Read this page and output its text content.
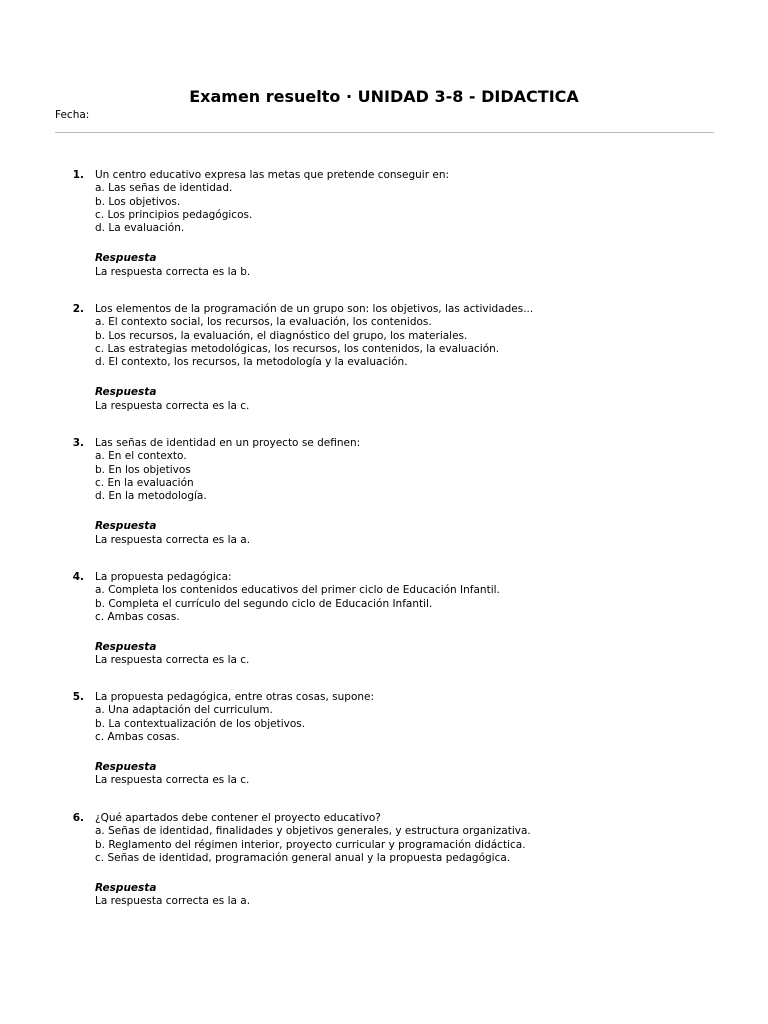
Examen resuelto · UNIDAD 3-8 - DIDACTICA
Fecha:
1. Un centro educativo expresa las metas que pretende conseguir en:
a. Las señas de identidad.
b. Los objetivos.
c. Los principios pedagógicos.
d. La evaluación.
Respuesta
La respuesta correcta es la b.
2. Los elementos de la programación de un grupo son: los objetivos, las actividades...
a. El contexto social, los recursos, la evaluación, los contenidos.
b. Los recursos, la evaluación, el diagnóstico del grupo, los materiales.
c. Las estrategias metodológicas, los recursos, los contenidos, la evaluación.
d. El contexto, los recursos, la metodología y la evaluación.
Respuesta
La respuesta correcta es la c.
3. Las señas de identidad en un proyecto se definen:
a. En el contexto.
b. En los objetivos
c. En la evaluación
d. En la metodología.
Respuesta
La respuesta correcta es la a.
4. La propuesta pedagógica:
a. Completa los contenidos educativos del primer ciclo de Educación Infantil.
b. Completa el currículo del segundo ciclo de Educación Infantil.
c. Ambas cosas.
Respuesta
La respuesta correcta es la c.
5. La propuesta pedagógica, entre otras cosas, supone:
a. Una adaptación del curriculum.
b. La contextualización de los objetivos.
c. Ambas cosas.
Respuesta
La respuesta correcta es la c.
6. ¿Qué apartados debe contener el proyecto educativo?
a. Señas de identidad, finalidades y objetivos generales, y estructura organizativa.
b. Reglamento del régimen interior, proyecto curricular y programación didáctica.
c. Señas de identidad, programación general anual y la propuesta pedagógica.
Respuesta
La respuesta correcta es la a.
